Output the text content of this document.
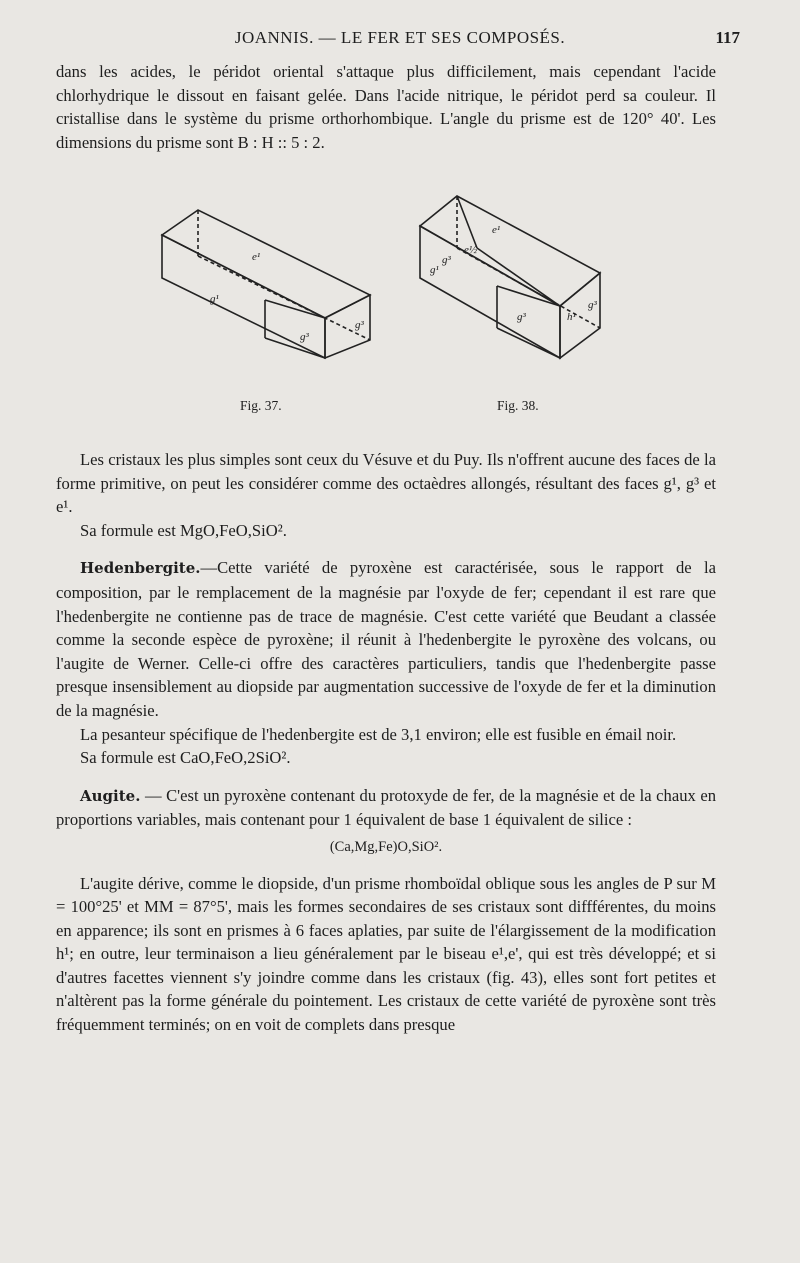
JOANNIS. — LE FER ET SES COMPOSÉS.	117

dans les acides, le péridot oriental s'attaque plus difficilement, mais cependant l'acide chlorhydrique le dissout en faisant gelée. Dans l'acide nitrique, le péridot perd sa couleur. Il cristallise dans le système du prisme orthorhombique. L'angle du prisme est de 120° 40'. Les dimensions du prisme sont B : H :: 5 : 2.

e¹
g¹
g³
g³
e¹
e½
g³
g¹
g³	h¹
g³
Fig. 37.	Fig. 38.

Les cristaux les plus simples sont ceux du Vésuve et du Puy. Ils n'offrent aucune des faces de la forme primitive, on peut les considérer comme des octaèdres allongés, résultant des faces g¹, g³ et e¹.

Sa formule est MgO,FeO,SiO².

Hedenbergite.—Cette variété de pyroxène est caractérisée, sous le rapport de la composition, par le remplacement de la magnésie par l'oxyde de fer; cependant il est rare que l'hedenbergite ne contienne pas de trace de magnésie. C'est cette variété que Beudant a classée comme la seconde espèce de pyroxène; il réunit à l'hedenbergite le pyroxène des volcans, ou l'augite de Werner. Celle-ci offre des caractères particuliers, tandis que l'hedenbergite passe presque insensiblement au diopside par augmentation successive de l'oxyde de fer et la diminution de la magnésie.

La pesanteur spécifique de l'hedenbergite est de 3,1 environ; elle est fusible en émail noir.

Sa formule est CaO,FeO,2SiO².

Augite. — C'est un pyroxène contenant du protoxyde de fer, de la magnésie et de la chaux en proportions variables, mais contenant pour 1 équivalent de base 1 équivalent de silice :

(Ca,Mg,Fe)O,SiO².

L'augite dérive, comme le diopside, d'un prisme rhomboïdal oblique sous les angles de P sur M = 100°25' et MM = 87°5', mais les formes secondaires de ses cristaux sont diffférentes, du moins en apparence; ils sont en prismes à 6 faces aplaties, par suite de l'élargissement de la modification h¹; en outre, leur terminaison a lieu généralement par le biseau e¹,e', qui est très développé; et si d'autres facettes viennent s'y joindre comme dans les cristaux (fig. 43), elles sont fort petites et n'altèrent pas la forme générale du pointement. Les cristaux de cette variété de pyroxène sont très fréquemment terminés; on en voit de complets dans presque
